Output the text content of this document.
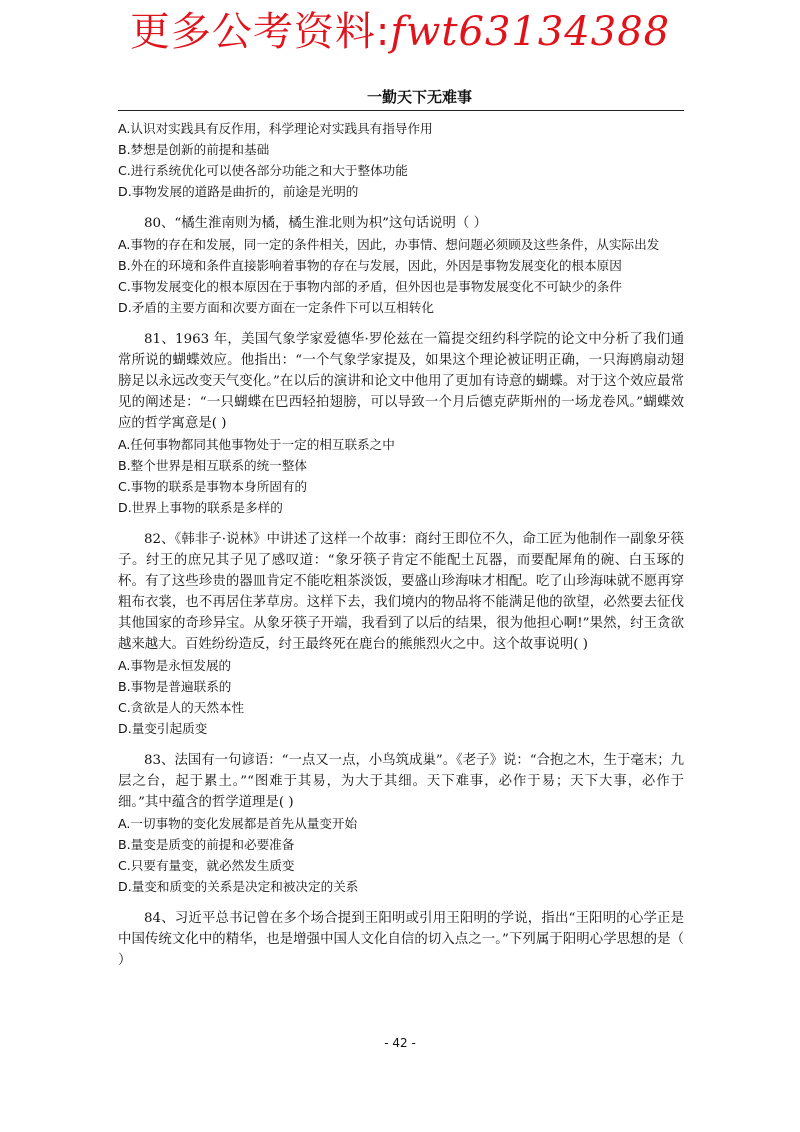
更多公考资料:fwt63134388
一勤天下无难事

A.认识对实践具有反作用，科学理论对实践具有指导作用

B.梦想是创新的前提和基础

C.进行系统优化可以使各部分功能之和大于整体功能

D.事物发展的道路是曲折的，前途是光明的

80、“橘生淮南则为橘，橘生淮北则为枳”这句话说明（ ）

A.事物的存在和发展，同一定的条件相关，因此，办事情、想问题必须顾及这些条件，从实际出发

B.外在的环境和条件直接影响着事物的存在与发展，因此，外因是事物发展变化的根本原因

C.事物发展变化的根本原因在于事物内部的矛盾，但外因也是事物发展变化不可缺少的条件

D.矛盾的主要方面和次要方面在一定条件下可以互相转化

81、1963 年，美国气象学家爱德华·罗伦兹在一篇提交纽约科学院的论文中分析了我们通常所说的蝴蝶效应。他指出：“一个气象学家提及，如果这个理论被证明正确，一只海鸥扇动翅膀足以永远改变天气变化。”在以后的演讲和论文中他用了更加有诗意的蝴蝶。对于这个效应最常见的阐述是：“一只蝴蝶在巴西轻拍翅膀，可以导致一个月后德克萨斯州的一场龙卷风。”蝴蝶效应的哲学寓意是( )

A.任何事物都同其他事物处于一定的相互联系之中

B.整个世界是相互联系的统一整体

C.事物的联系是事物本身所固有的

D.世界上事物的联系是多样的

82、《韩非子·说林》中讲述了这样一个故事：商纣王即位不久，命工匠为他制作一副象牙筷子。纣王的庶兄其子见了感叹道：“象牙筷子肯定不能配土瓦器，而要配犀角的碗、白玉琢的杯。有了这些珍贵的器皿肯定不能吃粗茶淡饭，要盛山珍海味才相配。吃了山珍海味就不愿再穿粗布衣裳，也不再居住茅草房。这样下去，我们境内的物品将不能满足他的欲望，必然要去征伐其他国家的奇珍异宝。从象牙筷子开端，我看到了以后的结果，很为他担心啊!”果然，纣王贪欲越来越大。百姓纷纷造反，纣王最终死在鹿台的熊熊烈火之中。这个故事说明( )

A.事物是永恒发展的

B.事物是普遍联系的

C.贪欲是人的天然本性

D.量变引起质变

83、法国有一句谚语：“一点又一点，小鸟筑成巢”。《老子》说：“合抱之木，生于毫末；九层之台，起于累土。”“图难于其易，为大于其细。天下难事，必作于易；天下大事，必作于细。”其中蕴含的哲学道理是( )

A.一切事物的变化发展都是首先从量变开始

B.量变是质变的前提和必要准备

C.只要有量变，就必然发生质变

D.量变和质变的关系是决定和被决定的关系

84、习近平总书记曾在多个场合提到王阳明或引用王阳明的学说，指出“王阳明的心学正是中国传统文化中的精华，也是增强中国人文化自信的切入点之一。”下列属于阳明心学思想的是（ ）

- 42 -
